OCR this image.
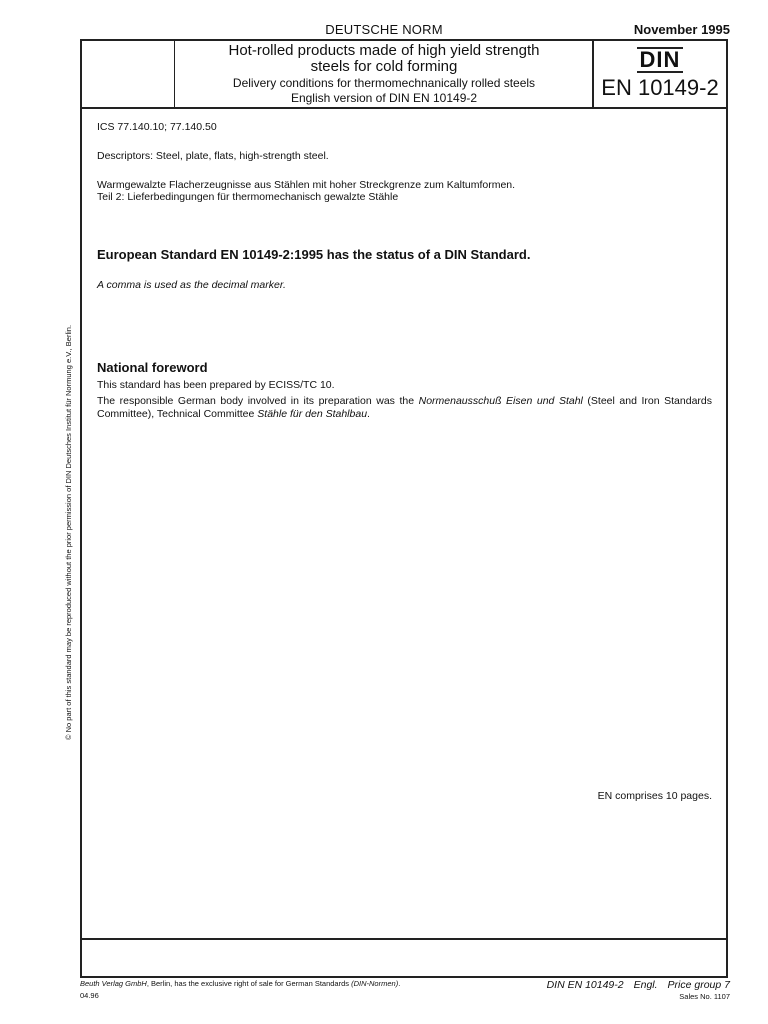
DEUTSCHE NORM	November 1995
Hot-rolled products made of high yield strength
steels for cold forming
Delivery conditions for thermomechnanically rolled steels
English version of DIN EN 10149-2
DIN
EN 10149-2
ICS 77.140.10; 77.140.50
Descriptors: Steel, plate, flats, high-strength steel.
Warmgewalzte Flacherzeugnisse aus Stählen mit hoher Streckgrenze zum Kaltumformen.
Teil 2: Lieferbedingungen für thermomechanisch gewalzte Stähle
European Standard EN 10149-2:1995 has the status of a DIN Standard.
A comma is used as the decimal marker.
National foreword
This standard has been prepared by ECISS/TC 10.
The responsible German body involved in its preparation was the Normenausschuß Eisen und Stahl (Steel and Iron Standards Committee), Technical Committee Stähle für den Stahlbau.
EN comprises 10 pages.
© No part of this standard may be reproduced without the prior permission of DIN Deutsches Institut für Normung e.V., Berlin.
Beuth Verlag GmbH, Berlin, has the exclusive right of sale for German Standards (DIN-Normen).
04.96
DIN EN 10149-2 Engl. Price group 7
Sales No. 1107
